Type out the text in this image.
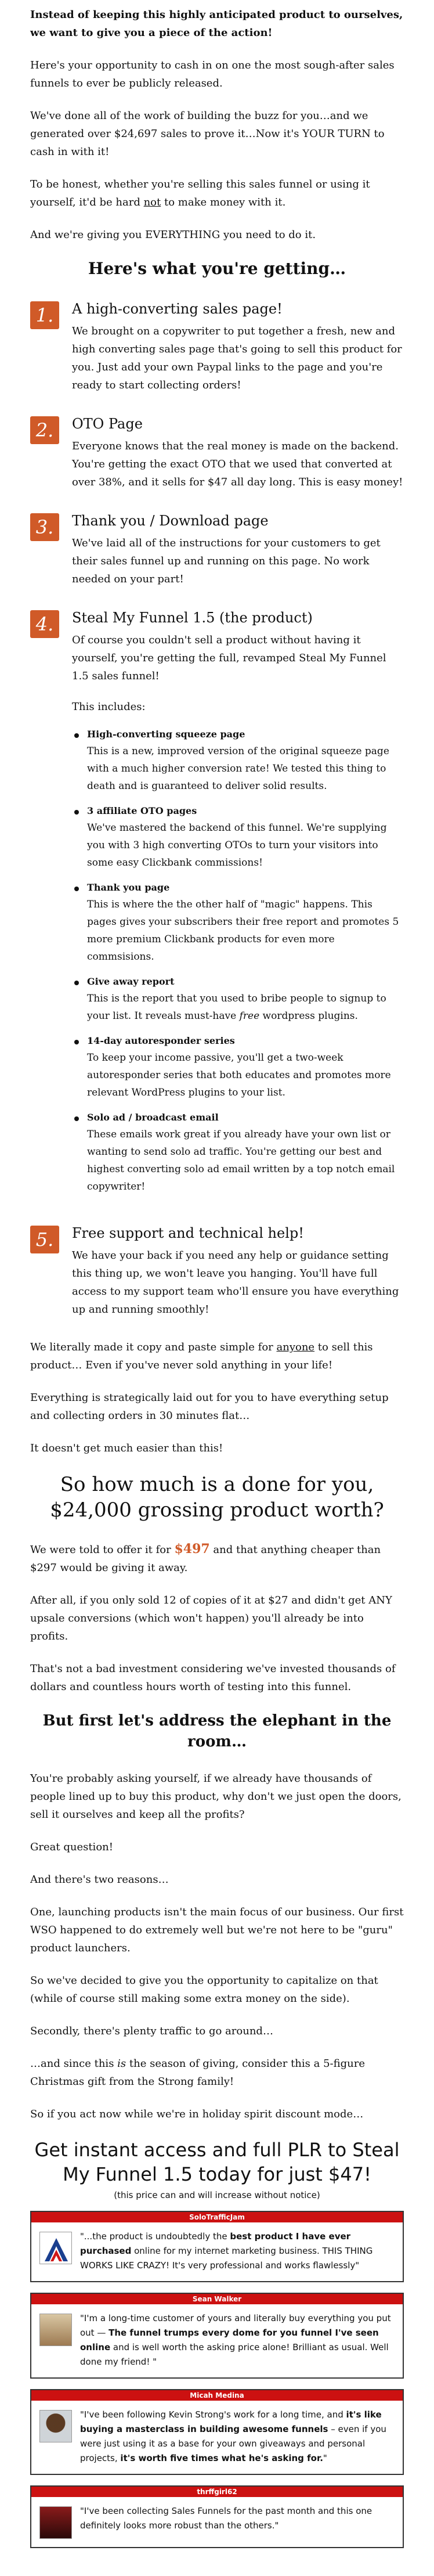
Instead of keeping this highly anticipated product to ourselves, we want to give you a piece of the action!

Here's your opportunity to cash in on one the most sough-after sales funnels to ever be publicly released.

We've done all of the work of building the buzz for you…and we generated over $24,697 sales to prove it…Now it's YOUR TURN to cash in with it!

To be honest, whether you're selling this sales funnel or using it yourself, it'd be hard not to make money with it.

And we're giving you EVERYTHING you need to do it.

Here's what you're getting…
1.	A high-converting sales page!

We brought on a copywriter to put together a fresh, new and high converting sales page that's going to sell this product for you. Just add your own Paypal links to the page and you're ready to start collecting orders!

2.	OTO Page

Everyone knows that the real money is made on the backend. You're getting the exact OTO that we used that converted at over 38%, and it sells for $47 all day long. This is easy money!

3.	Thank you / Download page

We've laid all of the instructions for your customers to get their sales funnel up and running on this page. No work needed on your part!

4.	Steal My Funnel 1.5 (the product)

Of course you couldn't sell a product without having it yourself, you're getting the full, revamped Steal My Funnel 1.5 sales funnel!

This includes:

High-converting squeeze page
This is a new, improved version of the original squeeze page with a much higher conversion rate! We tested this thing to death and is guaranteed to deliver solid results.
3 affiliate OTO pages
We've mastered the backend of this funnel. We're supplying you with 3 high converting OTOs to turn your visitors into some easy Clickbank commissions!
Thank you page
This is where the the other half of "magic" happens. This pages gives your subscribers their free report and promotes 5 more premium Clickbank products for even more commsisions.
Give away report
This is the report that you used to bribe people to signup to your list. It reveals must-have free wordpress plugins.
14-day autoresponder series
To keep your income passive, you'll get a two-week autoresponder series that both educates and promotes more relevant WordPress plugins to your list.
Solo ad / broadcast email
These emails work great if you already have your own list or wanting to send solo ad traffic. You're getting our best and highest converting solo ad email written by a top notch email copywriter!
5.	Free support and technical help!

We have your back if you need any help or guidance setting this thing up, we won't leave you hanging. You'll have full access to my support team who'll ensure you have everything up and running smoothly!

We literally made it copy and paste simple for anyone to sell this product… Even if you've never sold anything in your life!

Everything is strategically laid out for you to have everything setup and collecting orders in 30 minutes flat…

It doesn't get much easier than this!

So how much is a done for you, $24,000 grossing product worth?

We were told to offer it for $497 and that anything cheaper than $297 would be giving it away.

After all, if you only sold 12 of copies of it at $27 and didn't get ANY upsale conversions (which won't happen) you'll already be into profits.

That's not a bad investment considering we've invested thousands of dollars and countless hours worth of testing into this funnel.

But first let's address the elephant in the room…

You're probably asking yourself, if we already have thousands of people lined up to buy this product, why don't we just open the doors, sell it ourselves and keep all the profits?

Great question!

And there's two reasons…

One, launching products isn't the main focus of our business. Our first WSO happened to do extremely well but we're not here to be "guru" product launchers.

So we've decided to give you the opportunity to capitalize on that (while of course still making some extra money on the side).

Secondly, there's plenty traffic to go around…

…and since this is the season of giving, consider this a 5-figure Christmas gift from the Strong family!

So if you act now while we're in holiday spirit discount mode…

Get instant access and full PLR to Steal My Funnel 1.5 today for just $47!
(this price can and will increase without notice)
SoloTrafficJam
"...the product is undoubtedly the best product I have ever purchased online for my internet marketing business. THIS THING WORKS LIKE CRAZY! It's very professional and works flawlessly"
Sean Walker
"I'm a long-time customer of yours and literally buy everything you put out — The funnel trumps every dome for you funnel I've seen online and is well worth the asking price alone! Brilliant as usual. Well done my friend! "
Micah Medina
"I've been following Kevin Strong's work for a long time, and it's like buying a masterclass in building awesome funnels – even if you were just using it as a base for your own giveaways and personal projects, it's worth five times what he's asking for."
thrffgirl62
"I've been collecting Sales Funnels for the past month and this one definitely looks more robust than the others."
